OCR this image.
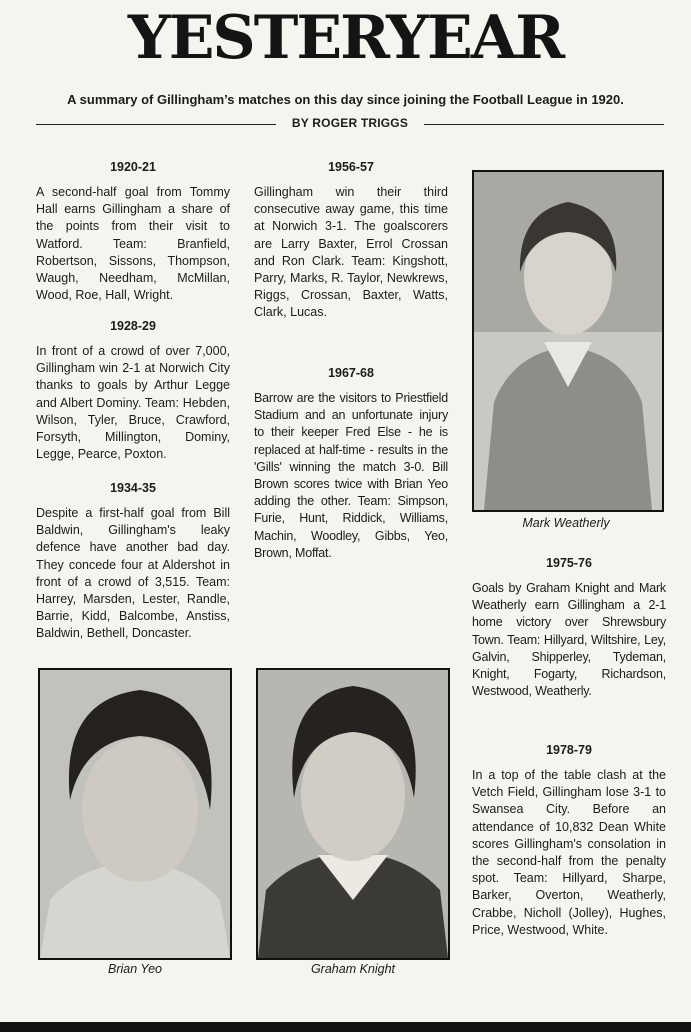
YESTERYEAR
A summary of Gillingham’s matches on this day since joining the Football League in 1920.
BY ROGER TRIGGS
1920-21

A second-half goal from Tommy Hall earns Gillingham a share of the points from their visit to Watford. Team: Branfield, Robertson, Sissons, Thompson, Waugh, Needham, McMillan, Wood, Roe, Hall, Wright.

1928-29

In front of a crowd of over 7,000, Gillingham win 2-1 at Norwich City thanks to goals by Arthur Legge and Albert Dominy. Team: Hebden, Wilson, Tyler, Bruce, Crawford, Forsyth, Millington, Dominy, Legge, Pearce, Poxton.

1934-35

Despite a first-half goal from Bill Baldwin, Gillingham's leaky defence have another bad day. They concede four at Aldershot in front of a crowd of 3,515. Team: Harrey, Marsden, Lester, Randle, Barrie, Kidd, Balcombe, Anstiss, Baldwin, Bethell, Doncaster.

1956-57

Gillingham win their third consecutive away game, this time at Norwich 3-1. The goalscorers are Larry Baxter, Errol Crossan and Ron Clark. Team: Kingshott, Parry, Marks, R. Taylor, Newkrews, Riggs, Crossan, Baxter, Watts, Clark, Lucas.

1967-68

Barrow are the visitors to Priestfield Stadium and an unfortunate injury to their keeper Fred Else - he is replaced at half-time - results in the 'Gills' winning the match 3-0. Bill Brown scores twice with Brian Yeo adding the other. Team: Simpson, Furie, Hunt, Riddick, Williams, Machin, Woodley, Gibbs, Yeo, Brown, Moffat.

Mark Weatherly
1975-76

Goals by Graham Knight and Mark Weatherly earn Gillingham a 2-1 home victory over Shrewsbury Town. Team: Hillyard, Wiltshire, Ley, Galvin, Shipperley, Tydeman, Knight, Fogarty, Richardson, Westwood, Weatherly.

1978-79

In a top of the table clash at the Vetch Field, Gillingham lose 3-1 to Swansea City. Before an attendance of 10,832 Dean White scores Gillingham's consolation in the second-half from the penalty spot. Team: Hillyard, Sharpe, Barker, Overton, Weatherly, Crabbe, Nicholl (Jolley), Hughes, Price, Westwood, White.

Brian Yeo	Graham Knight
